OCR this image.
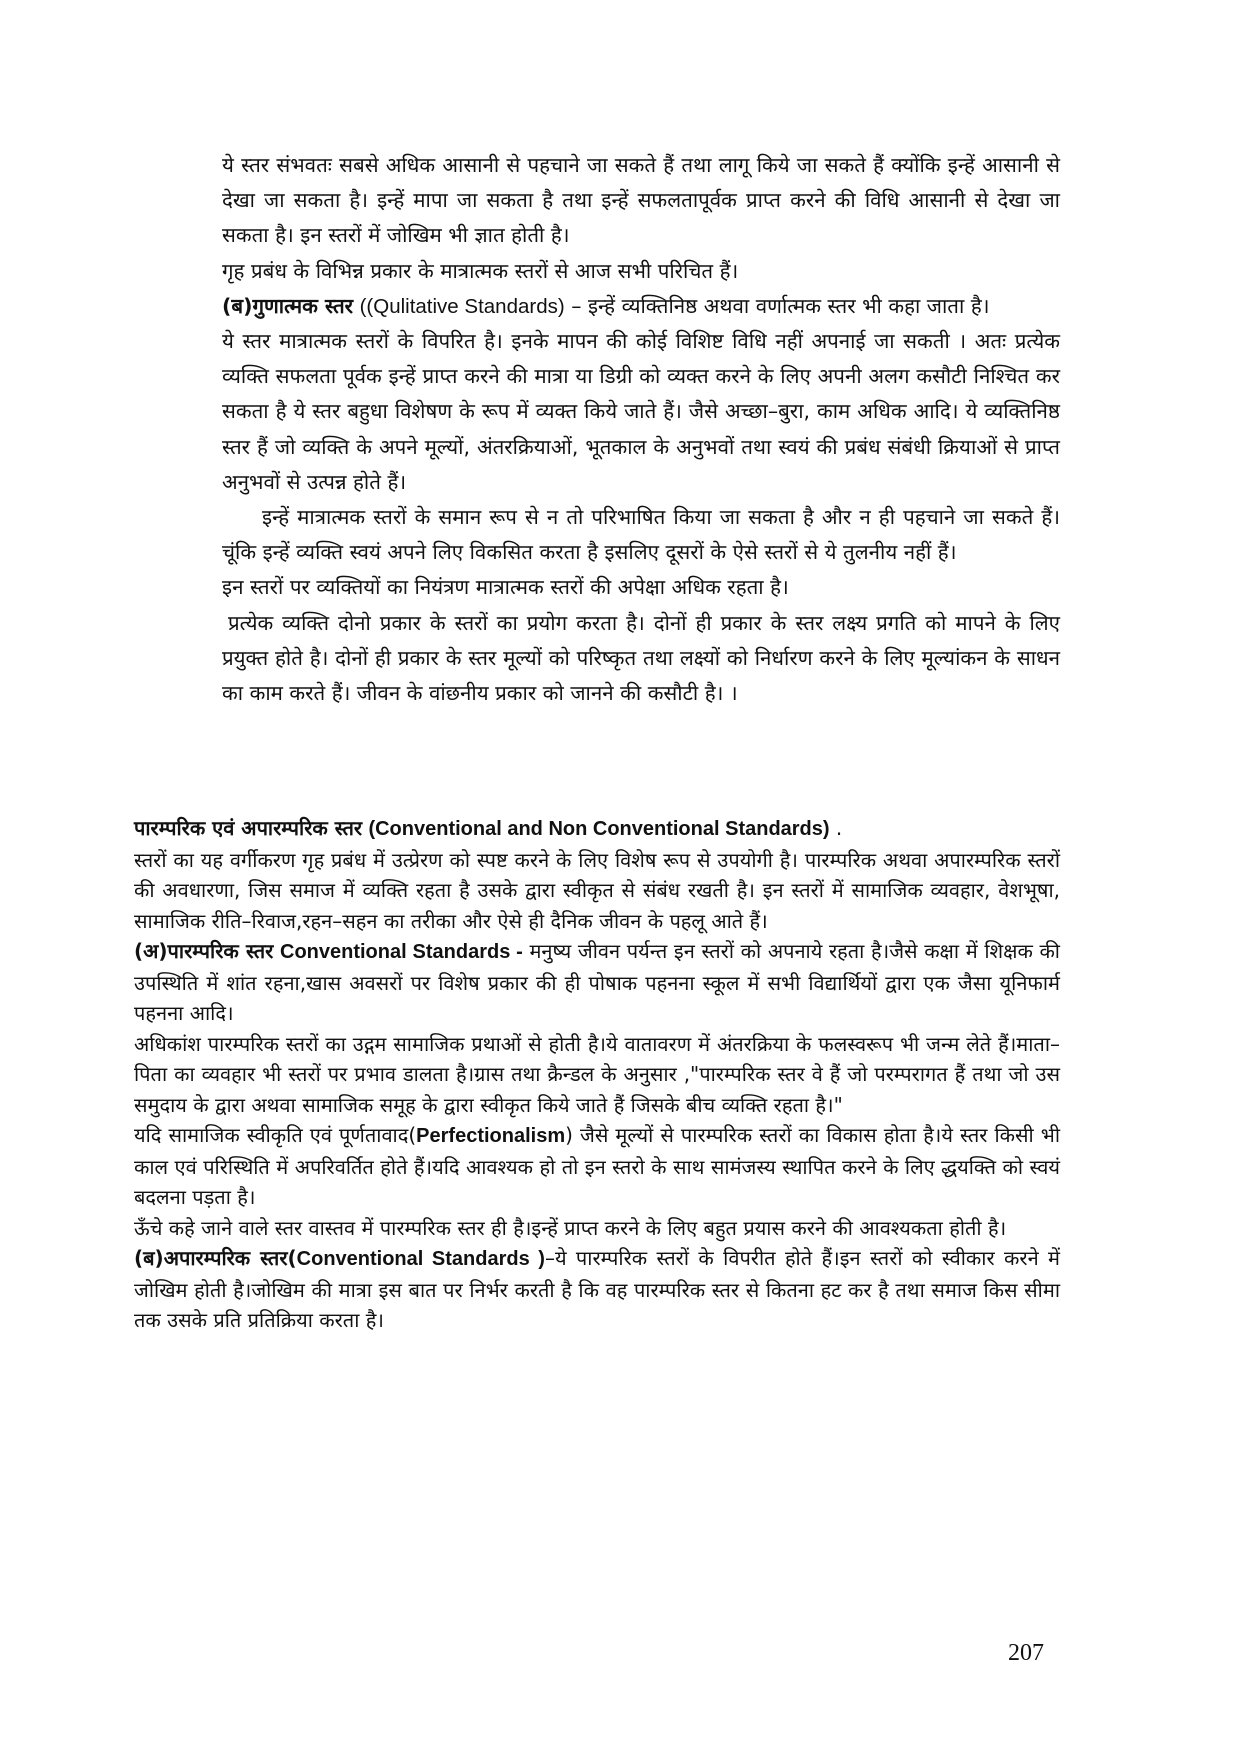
ये स्तर संभवतः सबसे अधिक आसानी से पहचाने जा सकते हैं तथा लागू किये जा सकते हैं क्योंकि इन्हें आसानी से देखा जा सकता है। इन्हें मापा जा सकता है तथा इन्हें सफलतापूर्वक प्राप्त करने की विधि आसानी से देखा जा सकता है। इन स्तरों में जोखिम भी ज्ञात होती है।

गृह प्रबंध के विभिन्न प्रकार के मात्रात्मक स्तरों से आज सभी परिचित हैं।

(ब)गुणात्मक स्तर ((Qulitative Standards) – इन्हें व्यक्तिनिष्ठ अथवा वर्णात्मक स्तर भी कहा जाता है।

ये स्तर मात्रात्मक स्तरों के विपरित है। इनके मापन की कोई विशिष्ट विधि नहीं अपनाई जा सकती । अतः प्रत्येक व्यक्ति सफलता पूर्वक इन्हें प्राप्त करने की मात्रा या डिग्री को व्यक्त करने के लिए अपनी अलग कसौटी निश्चित कर सकता है ये स्तर बहुधा विशेषण के रूप में व्यक्त किये जाते हैं। जैसे अच्छा–बुरा, काम अधिक आदि। ये व्यक्तिनिष्ठ स्तर हैं जो व्यक्ति के अपने मूल्यों, अंतरक्रियाओं, भूतकाल के अनुभवों तथा स्वयं की प्रबंध संबंधी क्रियाओं से प्राप्त अनुभवों से उत्पन्न होते हैं।

इन्हें मात्रात्मक स्तरों के समान रूप से न तो परिभाषित किया जा सकता है और न ही पहचाने जा सकते हैं। चूंकि इन्हें व्यक्ति स्वयं अपने लिए विकसित करता है इसलिए दूसरों के ऐसे स्तरों से ये तुलनीय नहीं हैं।

इन स्तरों पर व्यक्तियों का नियंत्रण मात्रात्मक स्तरों की अपेक्षा अधिक रहता है।

प्रत्येक व्यक्ति दोनो प्रकार के स्तरों का प्रयोग करता है। दोनों ही प्रकार के स्तर लक्ष्य प्रगति को मापने के लिए प्रयुक्त होते है। दोनों ही प्रकार के स्तर मूल्यों को परिष्कृत तथा लक्ष्यों को निर्धारण करने के लिए मूल्यांकन के साधन का काम करते हैं। जीवन के वांछनीय प्रकार को जानने की कसौटी है। ।

पारम्परिक एवं अपारम्परिक स्तर (Conventional and Non Conventional Standards) .

स्तरों का यह वर्गीकरण गृह प्रबंध में उत्प्रेरण को स्पष्ट करने के लिए विशेष रूप से उपयोगी है। पारम्परिक अथवा अपारम्परिक स्तरों की अवधारणा, जिस समाज में व्यक्ति रहता है उसके द्वारा स्वीकृत से संबंध रखती है। इन स्तरों में सामाजिक व्यवहार, वेशभूषा, सामाजिक रीति–रिवाज,रहन–सहन का तरीका और ऐसे ही दैनिक जीवन के पहलू आते हैं।

(अ)पारम्परिक स्तर Conventional Standards - मनुष्य जीवन पर्यन्त इन स्तरों को अपनाये रहता है।जैसे कक्षा में शिक्षक की उपस्थिति में शांत रहना,खास अवसरों पर विशेष प्रकार की ही पोषाक पहनना स्कूल में सभी विद्यार्थियों द्वारा एक जैसा यूनिफार्म पहनना आदि।

अधिकांश पारम्परिक स्तरों का उद्गम सामाजिक प्रथाओं से होती है।ये वातावरण में अंतरक्रिया के फलस्वरूप भी जन्म लेते हैं।माता–पिता का व्यवहार भी स्तरों पर प्रभाव डालता है।ग्रास तथा क्रैन्डल के अनुसार ,"पारम्परिक स्तर वे हैं जो परम्परागत हैं तथा जो उस समुदाय के द्वारा अथवा सामाजिक समूह के द्वारा स्वीकृत किये जाते हैं जिसके बीच व्यक्ति रहता है।"

यदि सामाजिक स्वीकृति एवं पूर्णतावाद(Perfectionalism) जैसे मूल्यों से पारम्परिक स्तरों का विकास होता है।ये स्तर किसी भी काल एवं परिस्थिति में अपरिवर्तित होते हैं।यदि आवश्यक हो तो इन स्तरो के साथ सामंजस्य स्थापित करने के लिए द्धयक्ति को स्वयं बदलना पड़ता है।

ऊँचे कहे जाने वाले स्तर वास्तव में पारम्परिक स्तर ही है।इन्हें प्राप्त करने के लिए बहुत प्रयास करने की आवश्यकता होती है।

(ब)अपारम्परिक स्तर(Conventional Standards )–ये पारम्परिक स्तरों के विपरीत होते हैं।इन स्तरों को स्वीकार करने में जोखिम होती है।जोखिम की मात्रा इस बात पर निर्भर करती है कि वह पारम्परिक स्तर से कितना हट कर है तथा समाज किस सीमा तक उसके प्रति प्रतिक्रिया करता है।

207
